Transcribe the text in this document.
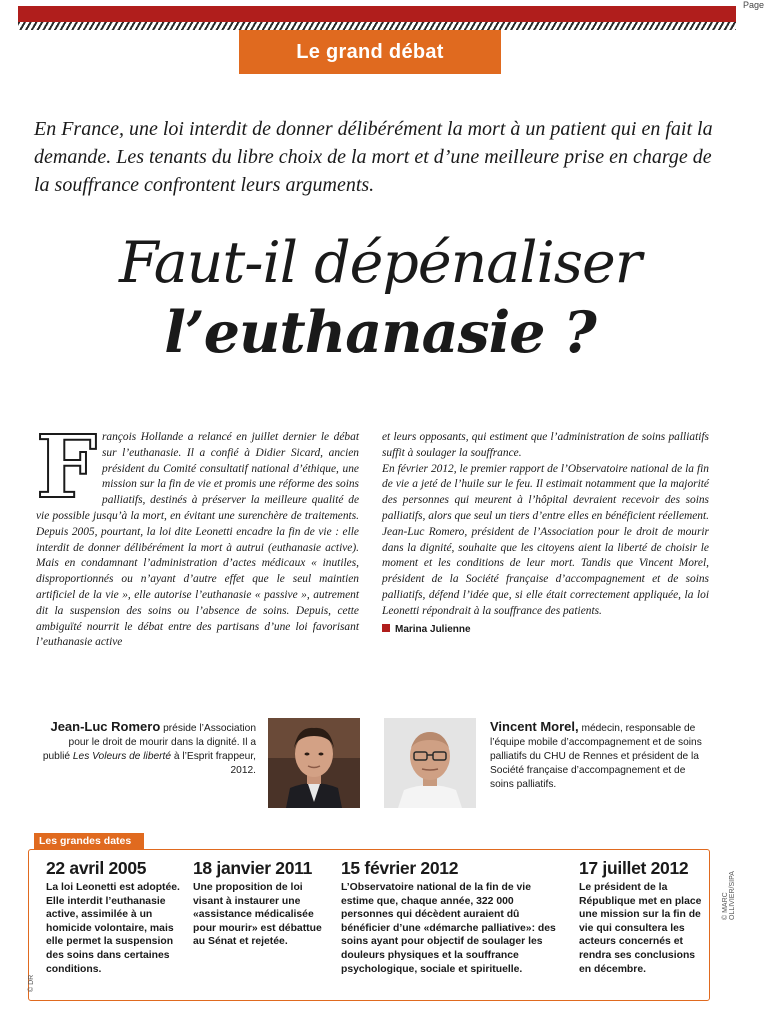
Page
Le grand débat

En France, une loi interdit de donner délibérément la mort à un patient qui en fait la demande. Les tenants du libre choix de la mort et d’une meilleure prise en charge de la souffrance confrontent leurs arguments.

Faut-il dépénaliser
l’euthanasie ?
F rançois Hollande a relancé en juillet dernier le débat sur l’euthanasie. Il a confié à Didier Sicard, ancien président du Comité consultatif national d’éthique, une mission sur la fin de vie et promis une réforme des soins palliatifs, destinés à préserver la meilleure qualité de vie possible jusqu’à la mort, en évitant une surenchère de traitements. Depuis 2005, pourtant, la loi dite Leonetti encadre la fin de vie : elle interdit de donner délibérément la mort à autrui (euthanasie active). Mais en condamnant l’administration d’actes médicaux « inutiles, disproportionnés ou n’ayant d’autre effet que le seul maintien artificiel de la vie », elle autorise l’euthanasie « passive », autrement dit la suspension des soins ou l’absence de soins. Depuis, cette ambiguïté nourrit le débat entre des partisans d’une loi favorisant l’euthanasie active

et leurs opposants, qui estiment que l’administration de soins palliatifs suffit à soulager la souffrance.

En février 2012, le premier rapport de l’Observatoire national de la fin de vie a jeté de l’huile sur le feu. Il estimait notamment que la majorité des personnes qui meurent à l’hôpital devraient recevoir des soins palliatifs, alors que seul un tiers d’entre elles en bénéficient réellement. Jean-Luc Romero, président de l’Association pour le droit de mourir dans la dignité, souhaite que les citoyens aient la liberté de choisir le moment et les conditions de leur mort. Tandis que Vincent Morel, président de la Société française d’accompagnement et de soins palliatifs, défend l’idée que, si elle était correctement appliquée, la loi Leonetti répondrait à la souffrance des patients.

Marina Julienne
Jean-Luc Romero préside l’Association pour le droit de mourir dans la dignité. Il a publié Les Voleurs de liberté à l’Esprit frappeur, 2012.
Vincent Morel, médecin, responsable de l’équipe mobile d’accompagnement et de soins palliatifs du CHU de Rennes et président de la Société française d’accompagnement et de soins palliatifs.
Les grandes dates
22 avril 2005
La loi Leonetti est adoptée. Elle interdit l’euthanasie active, assimilée à un homicide volontaire, mais elle permet la suspension des soins dans certaines conditions.
18 janvier 2011
Une proposition de loi visant à instaurer une «assistance médicalisée pour mourir» est débattue au Sénat et rejetée.
15 février 2012
L’Observatoire national de la fin de vie estime que, chaque année, 322 000 personnes qui décèdent auraient dû bénéficier d’une «démarche palliative»: des soins ayant pour objectif de soulager les douleurs physiques et la souffrance psychologique, sociale et spirituelle.
17 juillet 2012
Le président de la République met en place une mission sur la fin de vie qui consultera les acteurs concernés et rendra ses conclusions en décembre.
© DR
© MARC OLLIVIER/SIPA
